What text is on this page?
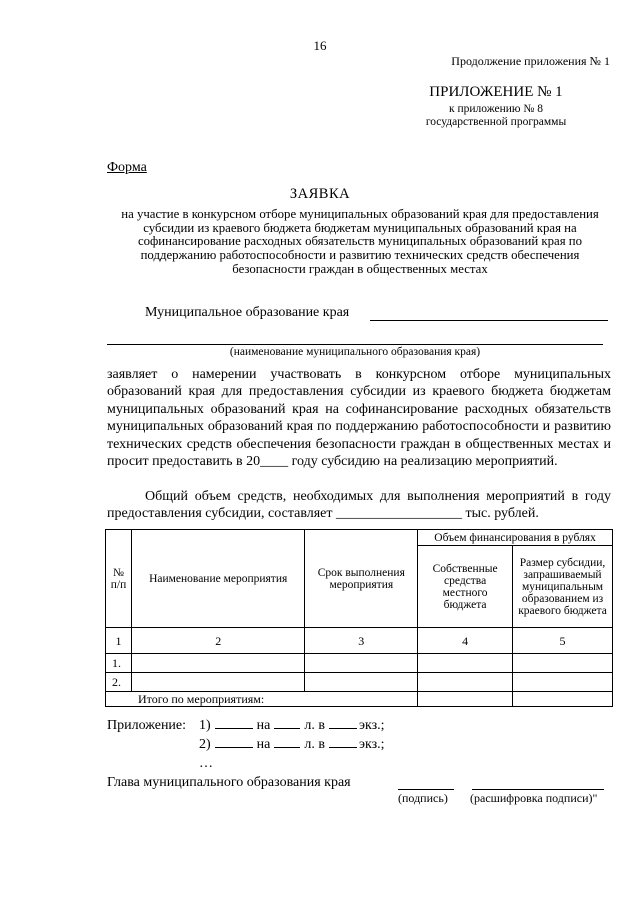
16
Продолжение приложения № 1
ПРИЛОЖЕНИЕ № 1
к приложению № 8
государственной программы
Форма
ЗАЯВКА
на участие в конкурсном отборе муниципальных образований края для предоставления субсидии из краевого бюджета бюджетам муниципальных образований края на софинансирование расходных обязательств муниципальных образований края по поддержанию работоспособности и развитию технических средств обеспечения безопасности граждан в общественных местах
Муниципальное образование края
(наименование муниципального образования края)
заявляет о намерении участвовать в конкурсном отборе муниципальных образований края для предоставления субсидии из краевого бюджета бюджетам муниципальных образований края на софинансирование расходных обязательств муниципальных образований края по поддержанию работоспособности и развитию технических средств обеспечения безопасности граждан в общественных местах и просит предоставить в 20____ году субсидию на реализацию мероприятий.
Общий объем средств, необходимых для выполнения мероприятий в году предоставления субсидии, составляет __________________ тыс. рублей.
№ п/п	Наименование мероприятия	Срок выполнения мероприятия	Объем финансирования в рублях	
			Собственные средства местного бюджета	Размер субсидии, запрашиваемый муниципальным образованием из краевого бюджета
1	2	3	4	5
1.				
2.				
Итого по мероприятиям:				
Приложение: 1)	на л. в экз.;
2)	на л. в экз.;
…
Глава муниципального образования края
(подпись) (расшифровка подписи)"
